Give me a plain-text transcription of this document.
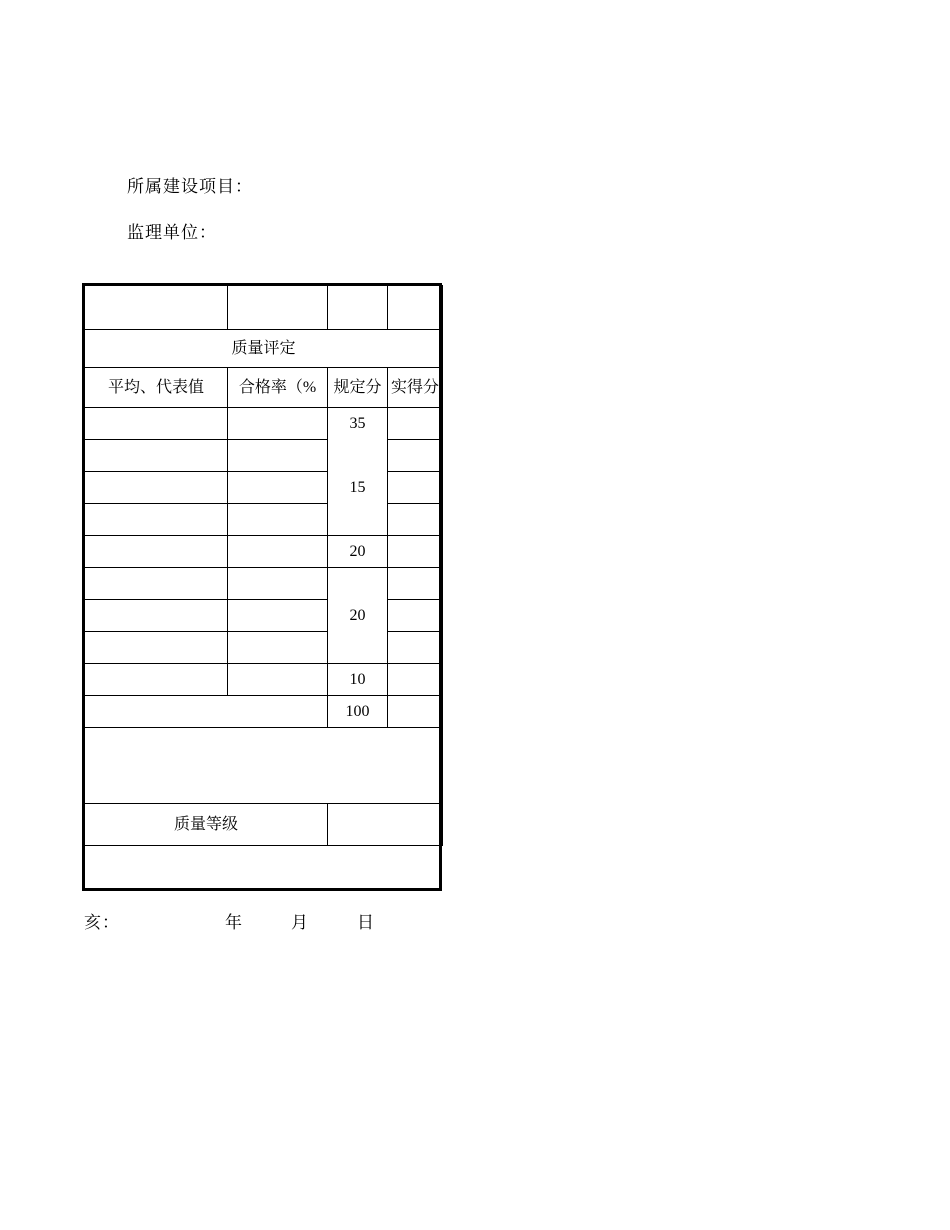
所属建设项目：
监理单位：

质量评定			
平均、代表值	合格率（%	规定分	实得分
		35	

		15	

		20	

		20	

		10	
		100	

质量等级			
亥：	年	月	日
